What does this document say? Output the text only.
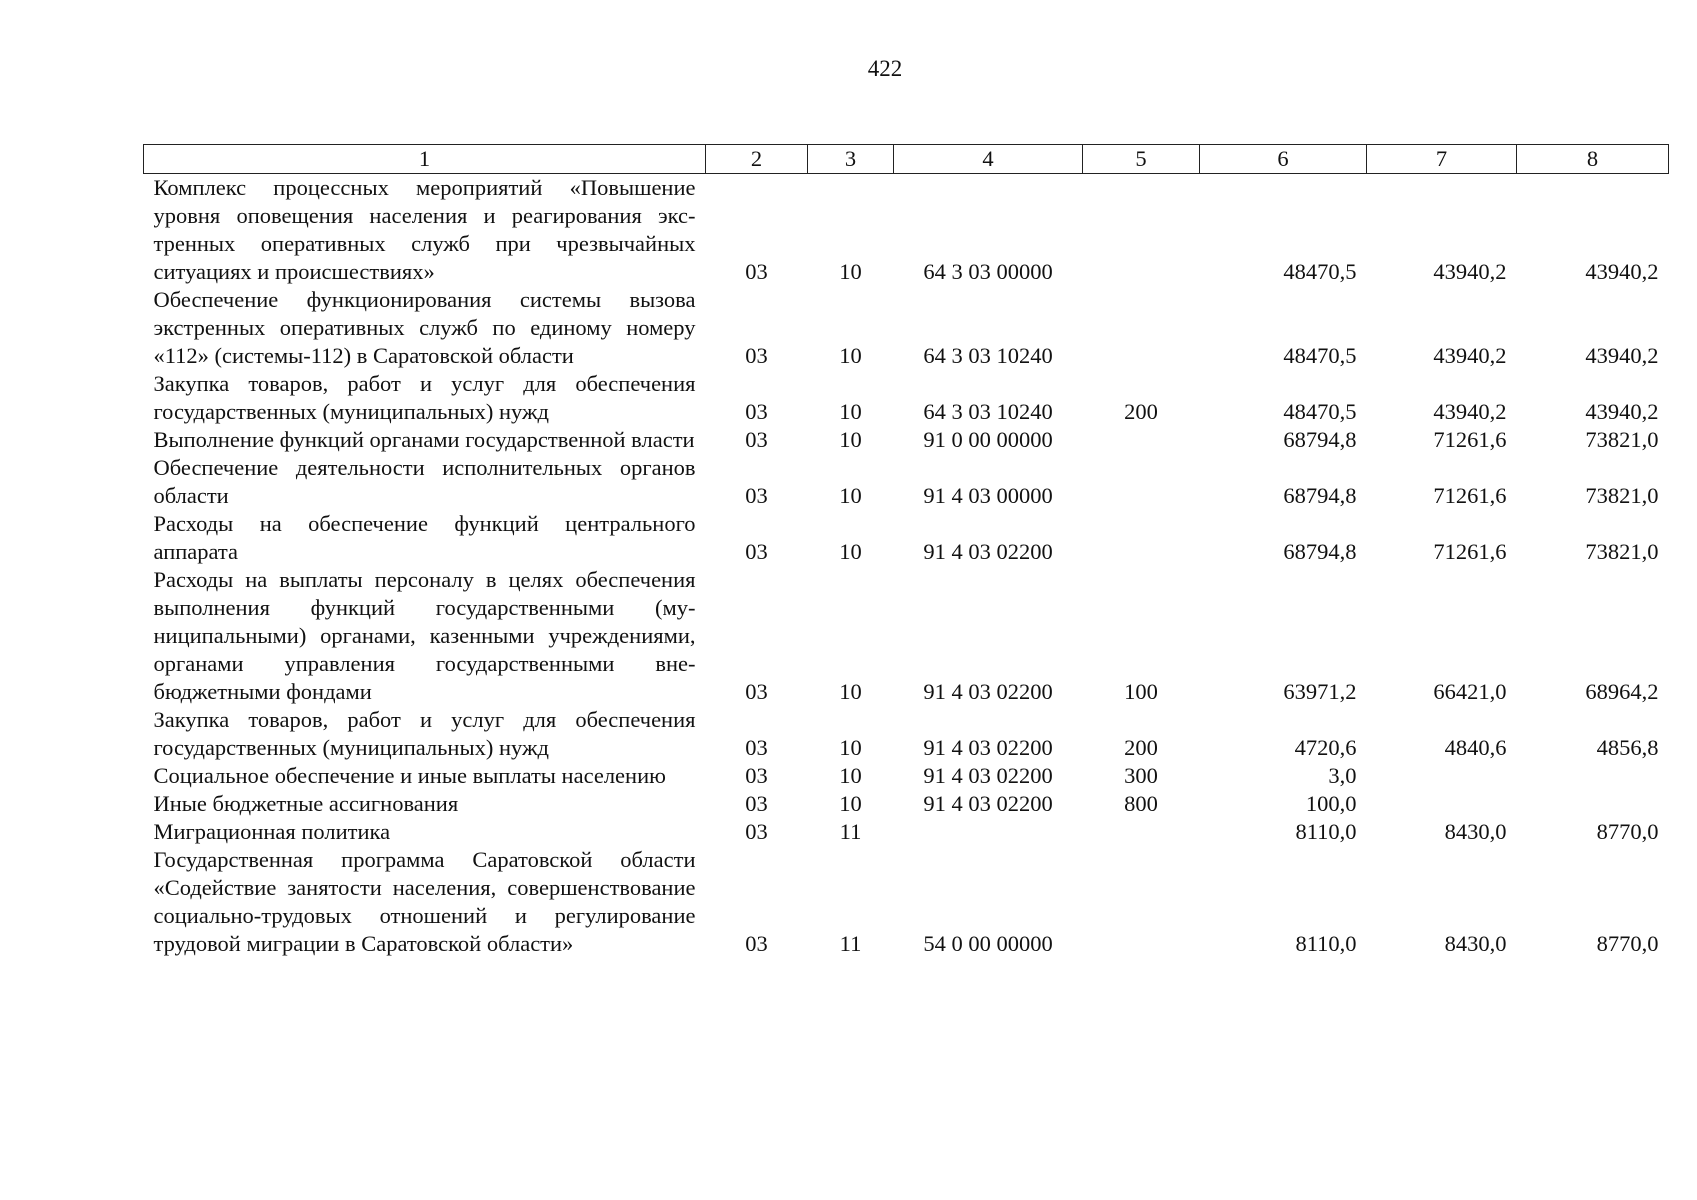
422
1	2	3	4	5	6	7	8
Комплекс процессных мероприятий «Повышение уровня оповещения населения и реагирования экстренных оперативных служб при чрезвычайных ситуациях и происшествиях»	03	10	64 3 03 00000		48470,5	43940,2	43940,2
Обеспечение функционирования системы вызова экстренных оперативных служб по единому номеру «112» (системы-112) в Саратовской области	03	10	64 3 03 10240		48470,5	43940,2	43940,2
Закупка товаров, работ и услуг для обеспечения государственных (муниципальных) нужд	03	10	64 3 03 10240	200	48470,5	43940,2	43940,2
Выполнение функций органами государственной власти	03	10	91 0 00 00000		68794,8	71261,6	73821,0
Обеспечение деятельности исполнительных органов области	03	10	91 4 03 00000		68794,8	71261,6	73821,0
Расходы на обеспечение функций центрального аппарата	03	10	91 4 03 02200		68794,8	71261,6	73821,0
Расходы на выплаты персоналу в целях обеспечения выполнения функций государственными (муниципальными) органами, казенными учреждениями, органами управления государственными внебюджетными фондами	03	10	91 4 03 02200	100	63971,2	66421,0	68964,2
Закупка товаров, работ и услуг для обеспечения государственных (муниципальных) нужд	03	10	91 4 03 02200	200	4720,6	4840,6	4856,8
Социальное обеспечение и иные выплаты населению	03	10	91 4 03 02200	300	3,0		
Иные бюджетные ассигнования	03	10	91 4 03 02200	800	100,0		
Миграционная политика	03	11			8110,0	8430,0	8770,0
Государственная программа Саратовской области «Содействие занятости населения, совершенствование социально-трудовых отношений и регулирование трудовой миграции в Саратовской области»	03	11	54 0 00 00000		8110,0	8430,0	8770,0
